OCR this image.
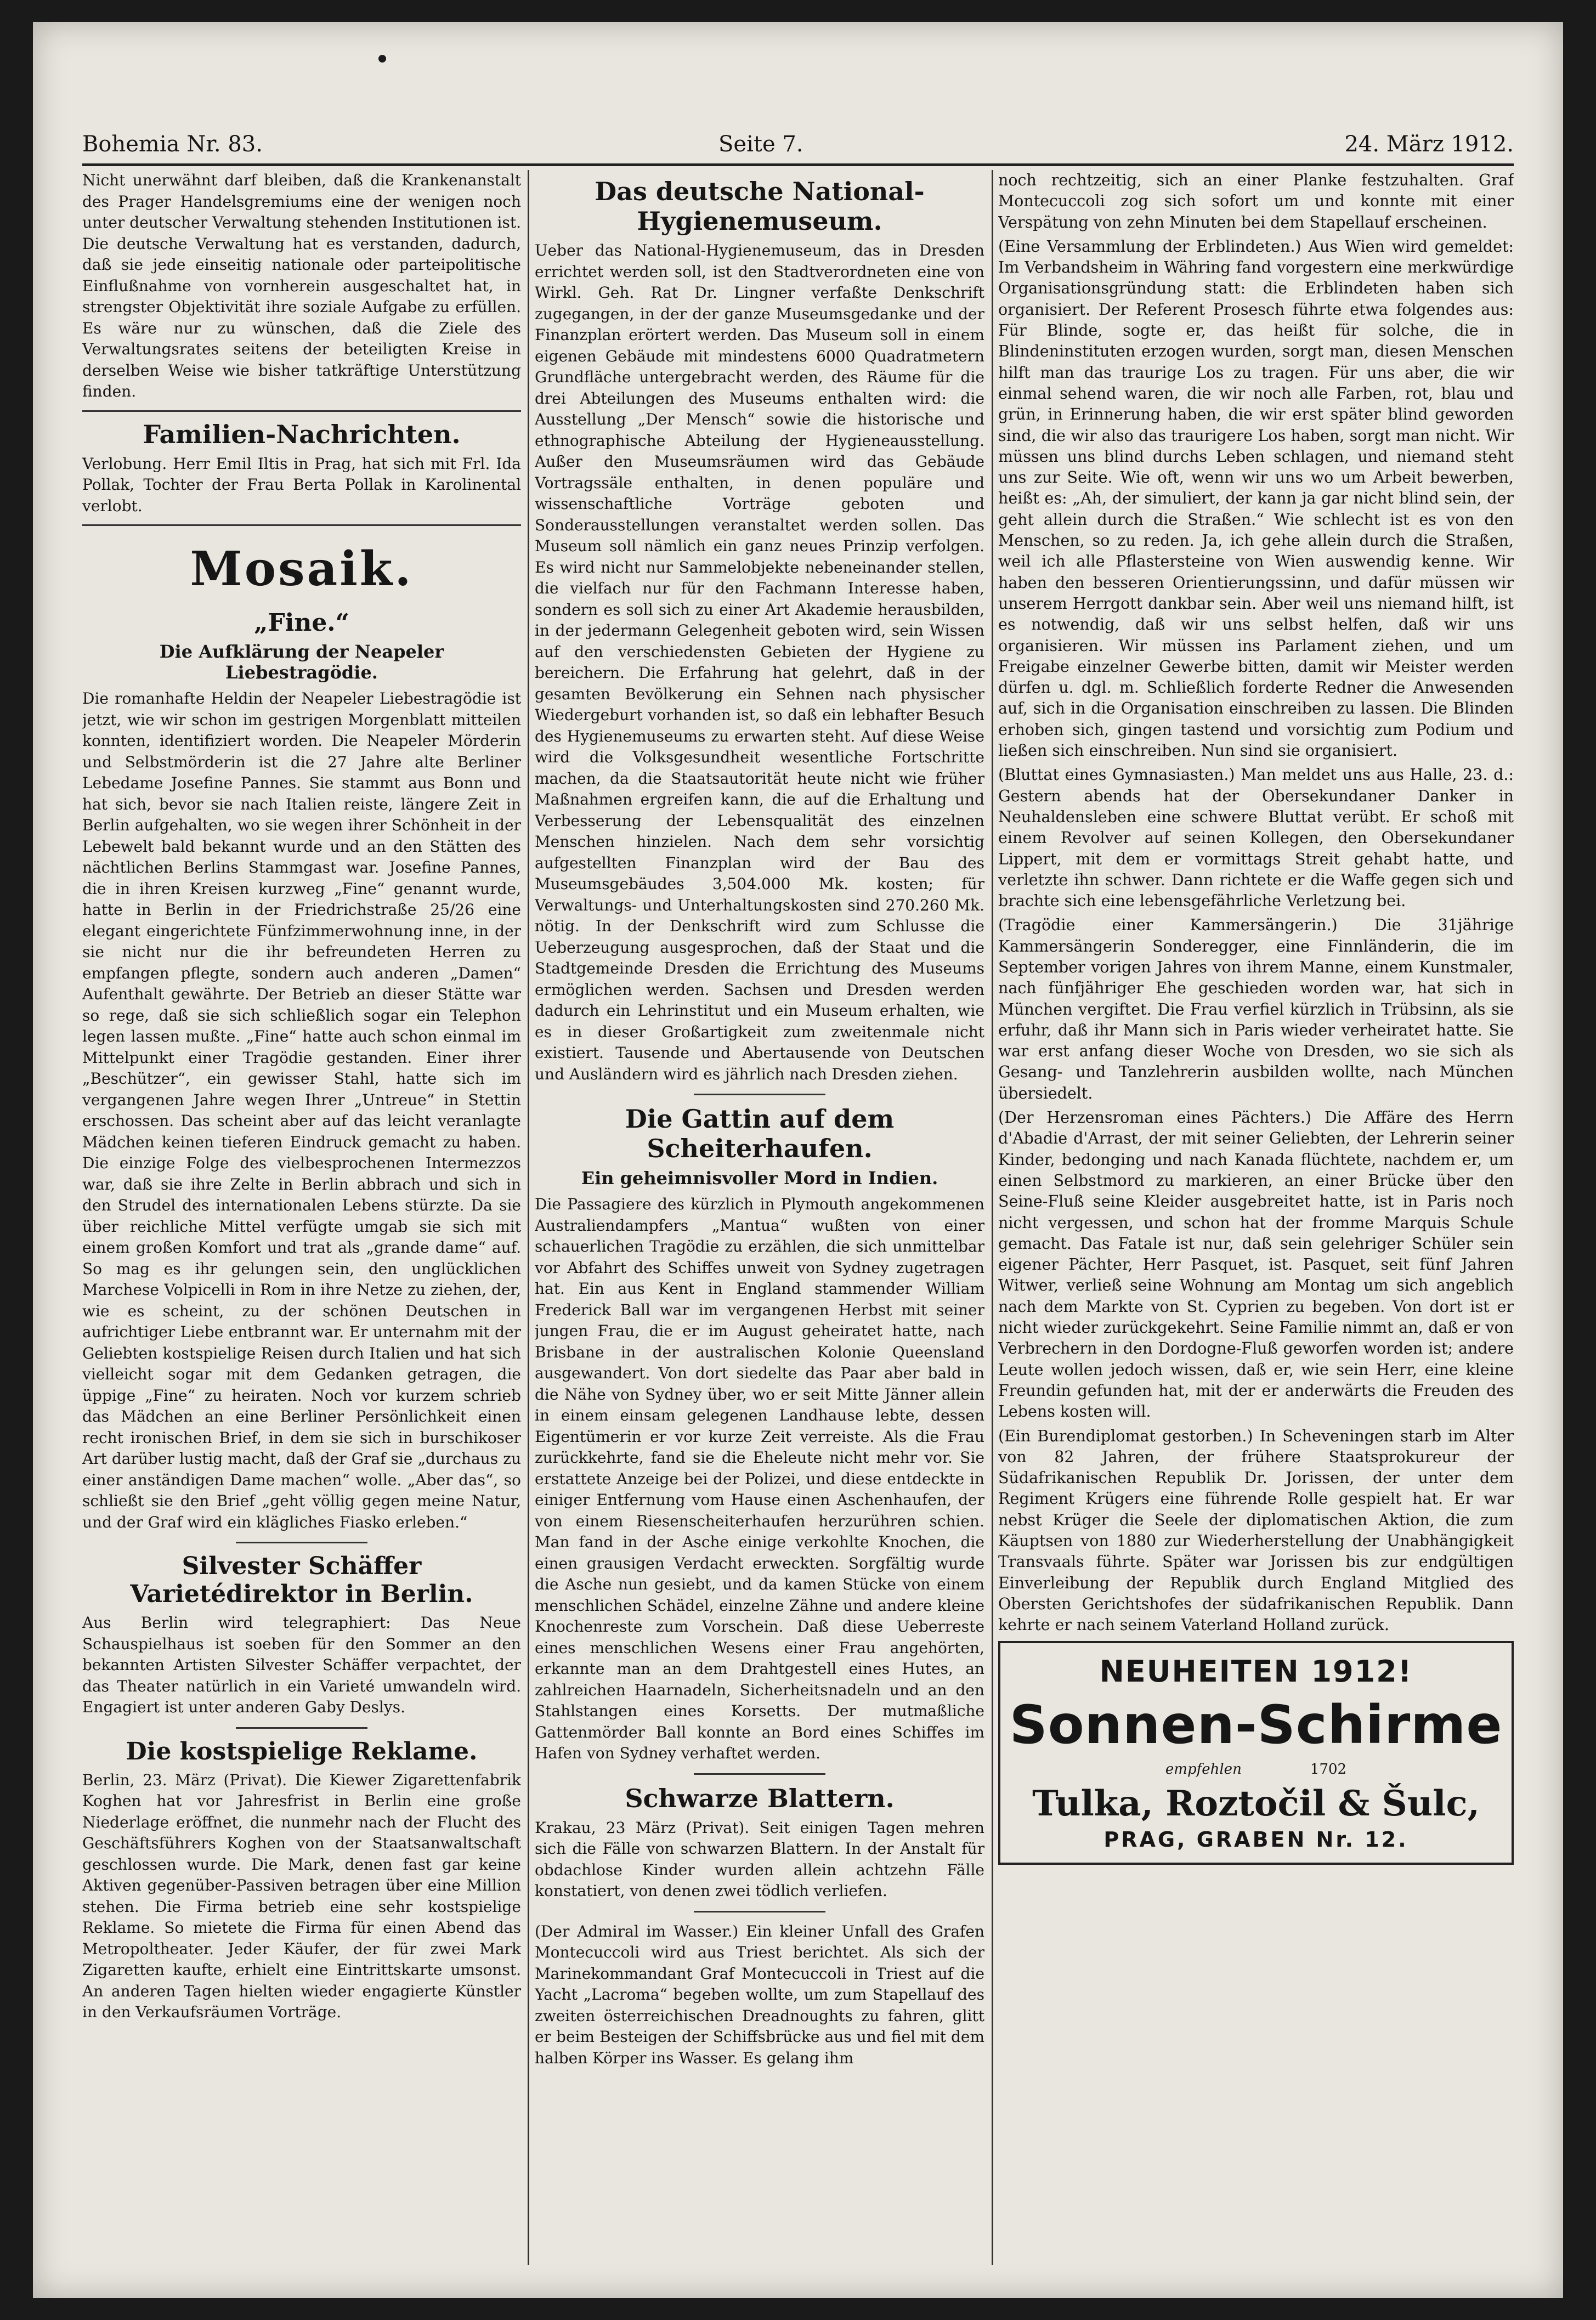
Bohemia Nr. 83.	Seite 7.	24. März 1912.

Nicht unerwähnt darf bleiben, daß die Krankenanstalt des Prager Handelsgremiums eine der wenigen noch unter deutscher Verwaltung stehenden Institutionen ist. Die deutsche Verwaltung hat es verstanden, dadurch, daß sie jede einseitig nationale oder parteipolitische Einflußnahme von vornherein ausgeschaltet hat, in strengster Objektivität ihre soziale Aufgabe zu erfüllen. Es wäre nur zu wünschen, daß die Ziele des Verwaltungsrates seitens der beteiligten Kreise in derselben Weise wie bisher tatkräftige Unterstützung finden.

Familien-Nachrichten.

Verlobung. Herr Emil Iltis in Prag, hat sich mit Frl. Ida Pollak, Tochter der Frau Berta Pollak in Karolinental verlobt.

Mosaik.
„Fine.“
Die Aufklärung der Neapeler Liebestragödie.

Die romanhafte Heldin der Neapeler Liebestragödie ist jetzt, wie wir schon im gestrigen Morgenblatt mitteilen konnten, identifiziert worden. Die Neapeler Mörderin und Selbstmörderin ist die 27 Jahre alte Berliner Lebedame Josefine Pannes. Sie stammt aus Bonn und hat sich, bevor sie nach Italien reiste, längere Zeit in Berlin aufgehalten, wo sie wegen ihrer Schönheit in der Lebewelt bald bekannt wurde und an den Stätten des nächtlichen Berlins Stammgast war. Josefine Pannes, die in ihren Kreisen kurzweg „Fine“ genannt wurde, hatte in Berlin in der Friedrichstraße 25/26 eine elegant eingerichtete Fünfzimmerwohnung inne, in der sie nicht nur die ihr befreundeten Herren zu empfangen pflegte, sondern auch anderen „Damen“ Aufenthalt gewährte. Der Betrieb an dieser Stätte war so rege, daß sie sich schließlich sogar ein Telephon legen lassen mußte. „Fine“ hatte auch schon einmal im Mittelpunkt einer Tragödie gestanden. Einer ihrer „Beschützer“, ein gewisser Stahl, hatte sich im vergangenen Jahre wegen Ihrer „Untreue“ in Stettin erschossen. Das scheint aber auf das leicht veranlagte Mädchen keinen tieferen Eindruck gemacht zu haben. Die einzige Folge des vielbesprochenen Intermezzos war, daß sie ihre Zelte in Berlin abbrach und sich in den Strudel des internationalen Lebens stürzte. Da sie über reichliche Mittel verfügte umgab sie sich mit einem großen Komfort und trat als „grande dame“ auf. So mag es ihr gelungen sein, den unglücklichen Marchese Volpicelli in Rom in ihre Netze zu ziehen, der, wie es scheint, zu der schönen Deutschen in aufrichtiger Liebe entbrannt war. Er unternahm mit der Geliebten kostspielige Reisen durch Italien und hat sich vielleicht sogar mit dem Gedanken getragen, die üppige „Fine“ zu heiraten. Noch vor kurzem schrieb das Mädchen an eine Berliner Persönlichkeit einen recht ironischen Brief, in dem sie sich in burschikoser Art darüber lustig macht, daß der Graf sie „durchaus zu einer anständigen Dame machen“ wolle. „Aber das“, so schließt sie den Brief „geht völlig gegen meine Natur, und der Graf wird ein klägliches Fiasko erleben.“

Silvester Schäffer Varietédirektor in Berlin.

Aus Berlin wird telegraphiert: Das Neue Schauspielhaus ist soeben für den Sommer an den bekannten Artisten Silvester Schäffer verpachtet, der das Theater natürlich in ein Varieté umwandeln wird. Engagiert ist unter anderen Gaby Deslys.

Die kostspielige Reklame.

Berlin, 23. März (Privat). Die Kiewer Zigarettenfabrik Koghen hat vor Jahresfrist in Berlin eine große Niederlage eröffnet, die nunmehr nach der Flucht des Geschäftsführers Koghen von der Staatsanwaltschaft geschlossen wurde. Die Mark, denen fast gar keine Aktiven gegenüber-Passiven betragen über eine Million stehen. Die Firma betrieb eine sehr kostspielige Reklame. So mietete die Firma für einen Abend das Metropoltheater. Jeder Käufer, der für zwei Mark Zigaretten kaufte, erhielt eine Eintrittskarte umsonst. An anderen Tagen hielten wieder engagierte Künstler in den Verkaufsräumen Vorträge.

Das deutsche National-Hygienemuseum.

Ueber das National-Hygienemuseum, das in Dresden errichtet werden soll, ist den Stadtverordneten eine von Wirkl. Geh. Rat Dr. Lingner verfaßte Denkschrift zugegangen, in der der ganze Museumsgedanke und der Finanzplan erörtert werden. Das Museum soll in einem eigenen Gebäude mit mindestens 6000 Quadratmetern Grundfläche untergebracht werden, des Räume für die drei Abteilungen des Museums enthalten wird: die Ausstellung „Der Mensch“ sowie die historische und ethnographische Abteilung der Hygieneausstellung. Außer den Museumsräumen wird das Gebäude Vortragssäle enthalten, in denen populäre und wissenschaftliche Vorträge geboten und Sonderausstellungen veranstaltet werden sollen. Das Museum soll nämlich ein ganz neues Prinzip verfolgen. Es wird nicht nur Sammelobjekte nebeneinander stellen, die vielfach nur für den Fachmann Interesse haben, sondern es soll sich zu einer Art Akademie herausbilden, in der jedermann Gelegenheit geboten wird, sein Wissen auf den verschiedensten Gebieten der Hygiene zu bereichern. Die Erfahrung hat gelehrt, daß in der gesamten Bevölkerung ein Sehnen nach physischer Wiedergeburt vorhanden ist, so daß ein lebhafter Besuch des Hygienemuseums zu erwarten steht. Auf diese Weise wird die Volksgesundheit wesentliche Fortschritte machen, da die Staatsautorität heute nicht wie früher Maßnahmen ergreifen kann, die auf die Erhaltung und Verbesserung der Lebensqualität des einzelnen Menschen hinzielen. Nach dem sehr vorsichtig aufgestellten Finanzplan wird der Bau des Museumsgebäudes 3,504.000 Mk. kosten; für Verwaltungs- und Unterhaltungskosten sind 270.260 Mk. nötig. In der Denkschrift wird zum Schlusse die Ueberzeugung ausgesprochen, daß der Staat und die Stadtgemeinde Dresden die Errichtung des Museums ermöglichen werden. Sachsen und Dresden werden dadurch ein Lehrinstitut und ein Museum erhalten, wie es in dieser Großartigkeit zum zweitenmale nicht existiert. Tausende und Abertausende von Deutschen und Ausländern wird es jährlich nach Dresden ziehen.

Die Gattin auf dem Scheiterhaufen.
Ein geheimnisvoller Mord in Indien.

Die Passagiere des kürzlich in Plymouth angekommenen Australiendampfers „Mantua“ wußten von einer schauerlichen Tragödie zu erzählen, die sich unmittelbar vor Abfahrt des Schiffes unweit von Sydney zugetragen hat. Ein aus Kent in England stammender William Frederick Ball war im vergangenen Herbst mit seiner jungen Frau, die er im August geheiratet hatte, nach Brisbane in der australischen Kolonie Queensland ausgewandert. Von dort siedelte das Paar aber bald in die Nähe von Sydney über, wo er seit Mitte Jänner allein in einem einsam gelegenen Landhause lebte, dessen Eigentümerin er vor kurze Zeit verreiste. Als die Frau zurückkehrte, fand sie die Eheleute nicht mehr vor. Sie erstattete Anzeige bei der Polizei, und diese entdeckte in einiger Entfernung vom Hause einen Aschenhaufen, der von einem Riesenscheiterhaufen herzurühren schien. Man fand in der Asche einige verkohlte Knochen, die einen grausigen Verdacht erweckten. Sorgfältig wurde die Asche nun gesiebt, und da kamen Stücke von einem menschlichen Schädel, einzelne Zähne und andere kleine Knochenreste zum Vorschein. Daß diese Ueberreste eines menschlichen Wesens einer Frau angehörten, erkannte man an dem Drahtgestell eines Hutes, an zahlreichen Haarnadeln, Sicherheitsnadeln und an den Stahlstangen eines Korsetts. Der mutmaßliche Gattenmörder Ball konnte an Bord eines Schiffes im Hafen von Sydney verhaftet werden.

Schwarze Blattern.

Krakau, 23 März (Privat). Seit einigen Tagen mehren sich die Fälle von schwarzen Blattern. In der Anstalt für obdachlose Kinder wurden allein achtzehn Fälle konstatiert, von denen zwei tödlich verliefen.

(Der Admiral im Wasser.) Ein kleiner Unfall des Grafen Montecuccoli wird aus Triest berichtet. Als sich der Marinekommandant Graf Montecuccoli in Triest auf die Yacht „Lacroma“ begeben wollte, um zum Stapellauf des zweiten österreichischen Dreadnoughts zu fahren, glitt er beim Besteigen der Schiffsbrücke aus und fiel mit dem halben Körper ins Wasser. Es gelang ihm

noch rechtzeitig, sich an einer Planke festzuhalten. Graf Montecuccoli zog sich sofort um und konnte mit einer Verspätung von zehn Minuten bei dem Stapellauf erscheinen.

(Eine Versammlung der Erblindeten.) Aus Wien wird gemeldet: Im Verbandsheim in Währing fand vorgestern eine merkwürdige Organisationsgründung statt: die Erblindeten haben sich organisiert. Der Referent Prosesch führte etwa folgendes aus: Für Blinde, sogte er, das heißt für solche, die in Blindeninstituten erzogen wurden, sorgt man, diesen Menschen hilft man das traurige Los zu tragen. Für uns aber, die wir einmal sehend waren, die wir noch alle Farben, rot, blau und grün, in Erinnerung haben, die wir erst später blind geworden sind, die wir also das traurigere Los haben, sorgt man nicht. Wir müssen uns blind durchs Leben schlagen, und niemand steht uns zur Seite. Wie oft, wenn wir uns wo um Arbeit bewerben, heißt es: „Ah, der simuliert, der kann ja gar nicht blind sein, der geht allein durch die Straßen.“ Wie schlecht ist es von den Menschen, so zu reden. Ja, ich gehe allein durch die Straßen, weil ich alle Pflastersteine von Wien auswendig kenne. Wir haben den besseren Orientierungssinn, und dafür müssen wir unserem Herrgott dankbar sein. Aber weil uns niemand hilft, ist es notwendig, daß wir uns selbst helfen, daß wir uns organisieren. Wir müssen ins Parlament ziehen, und um Freigabe einzelner Gewerbe bitten, damit wir Meister werden dürfen u. dgl. m. Schließlich forderte Redner die Anwesenden auf, sich in die Organisation einschreiben zu lassen. Die Blinden erhoben sich, gingen tastend und vorsichtig zum Podium und ließen sich einschreiben. Nun sind sie organisiert.

(Bluttat eines Gymnasiasten.) Man meldet uns aus Halle, 23. d.: Gestern abends hat der Obersekundaner Danker in Neuhaldensleben eine schwere Bluttat verübt. Er schoß mit einem Revolver auf seinen Kollegen, den Obersekundaner Lippert, mit dem er vormittags Streit gehabt hatte, und verletzte ihn schwer. Dann richtete er die Waffe gegen sich und brachte sich eine lebensgefährliche Verletzung bei.

(Tragödie einer Kammersängerin.) Die 31jährige Kammersängerin Sonderegger, eine Finnländerin, die im September vorigen Jahres von ihrem Manne, einem Kunstmaler, nach fünfjähriger Ehe geschieden worden war, hat sich in München vergiftet. Die Frau verfiel kürzlich in Trübsinn, als sie erfuhr, daß ihr Mann sich in Paris wieder verheiratet hatte. Sie war erst anfang dieser Woche von Dresden, wo sie sich als Gesang- und Tanzlehrerin ausbilden wollte, nach München übersiedelt.

(Der Herzensroman eines Pächters.) Die Affäre des Herrn d'Abadie d'Arrast, der mit seiner Geliebten, der Lehrerin seiner Kinder, bedonging und nach Kanada flüchtete, nachdem er, um einen Selbstmord zu markieren, an einer Brücke über den Seine-Fluß seine Kleider ausgebreitet hatte, ist in Paris noch nicht vergessen, und schon hat der fromme Marquis Schule gemacht. Das Fatale ist nur, daß sein gelehriger Schüler sein eigener Pächter, Herr Pasquet, ist. Pasquet, seit fünf Jahren Witwer, verließ seine Wohnung am Montag um sich angeblich nach dem Markte von St. Cyprien zu begeben. Von dort ist er nicht wieder zurückgekehrt. Seine Familie nimmt an, daß er von Verbrechern in den Dordogne-Fluß geworfen worden ist; andere Leute wollen jedoch wissen, daß er, wie sein Herr, eine kleine Freundin gefunden hat, mit der er anderwärts die Freuden des Lebens kosten will.

(Ein Burendiplomat gestorben.) In Scheveningen starb im Alter von 82 Jahren, der frühere Staatsprokureur der Südafrikanischen Republik Dr. Jorissen, der unter dem Regiment Krügers eine führende Rolle gespielt hat. Er war nebst Krüger die Seele der diplomatischen Aktion, die zum Käuptsen von 1880 zur Wiederherstellung der Unabhängigkeit Transvaals führte. Später war Jorissen bis zur endgültigen Einverleibung der Republik durch England Mitglied des Obersten Gerichtshofes der südafrikanischen Republik. Dann kehrte er nach seinem Vaterland Holland zurück.

NEUHEITEN 1912!
Sonnen-Schirme
empfehlen	1702
Tulka, Roztočil & Šulc,
PRAG, GRABEN Nr. 12.
